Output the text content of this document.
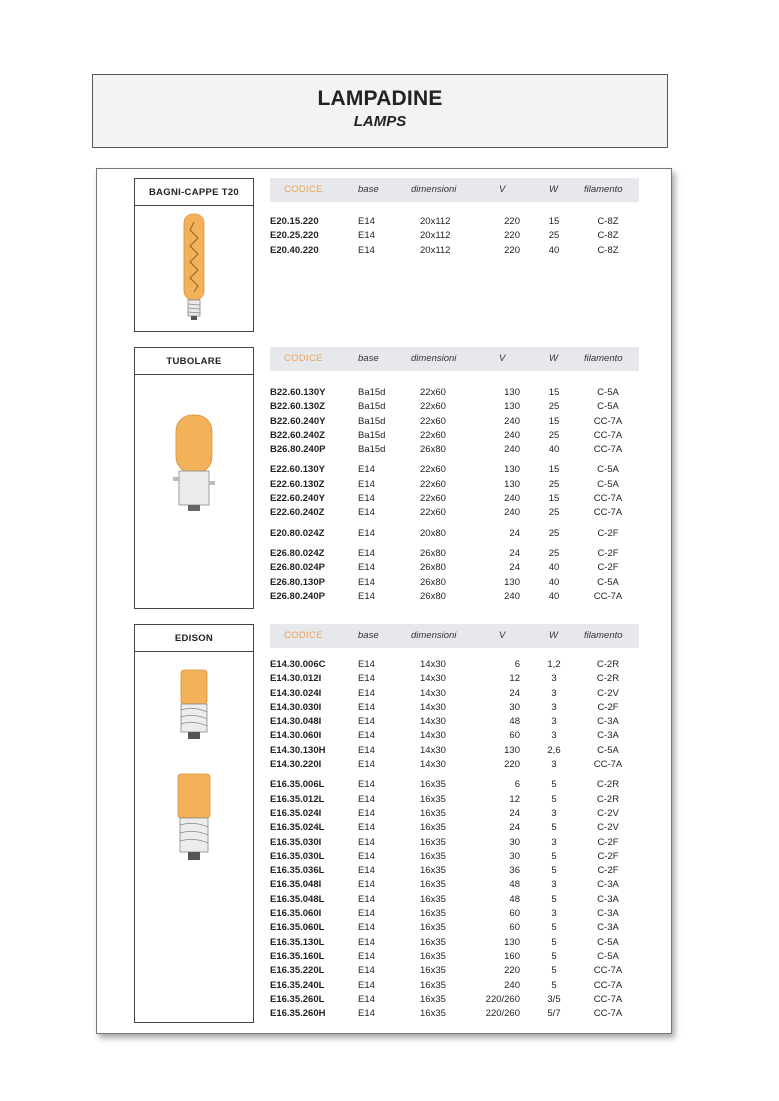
LAMPADINE
LAMPS
BAGNI-CAPPE T20	CODICE	base	dimensioni	V	W	filamento
E20.15.220	E14	20x112	220	15	C-8Z
E20.25.220	E14	20x112	220	25	C-8Z
E20.40.220	E14	20x112	220	40	C-8Z
TUBOLARE	CODICE	base	dimensioni	V	W	filamento
B22.60.130Y	Ba15d	22x60	130	15	C-5A
B22.60.130Z	Ba15d	22x60	130	25	C-5A
B22.60.240Y	Ba15d	22x60	240	15	CC-7A
B22.60.240Z	Ba15d	22x60	240	25	CC-7A
B26.80.240P	Ba15d	26x80	240	40	CC-7A
E22.60.130Y	E14	22x60	130	15	C-5A
E22.60.130Z	E14	22x60	130	25	C-5A
E22.60.240Y	E14	22x60	240	15	CC-7A
E22.60.240Z	E14	22x60	240	25	CC-7A
E20.80.024Z	E14	20x80	24	25	C-2F
E26.80.024Z	E14	26x80	24	25	C-2F
E26.80.024P	E14	26x80	24	40	C-2F
E26.80.130P	E14	26x80	130	40	C-5A
E26.80.240P	E14	26x80	240	40	CC-7A
EDISON	CODICE	base	dimensioni	V	W	filamento
E14.30.006C	E14	14x30	6	1,2	C-2R
E14.30.012I	E14	14x30	12	3	C-2R
E14.30.024I	E14	14x30	24	3	C-2V
E14.30.030I	E14	14x30	30	3	C-2F
E14.30.048I	E14	14x30	48	3	C-3A
E14.30.060I	E14	14x30	60	3	C-3A
E14.30.130H	E14	14x30	130	2,6	C-5A
E14.30.220I	E14	14x30	220	3	CC-7A
E16.35.006L	E14	16x35	6	5	C-2R
E16.35.012L	E14	16x35	12	5	C-2R
E16.35.024I	E14	16x35	24	3	C-2V
E16.35.024L	E14	16x35	24	5	C-2V
E16.35.030I	E14	16x35	30	3	C-2F
E16.35.030L	E14	16x35	30	5	C-2F
E16.35.036L	E14	16x35	36	5	C-2F
E16.35.048I	E14	16x35	48	3	C-3A
E16.35.048L	E14	16x35	48	5	C-3A
E16.35.060I	E14	16x35	60	3	C-3A
E16.35.060L	E14	16x35	60	5	C-3A
E16.35.130L	E14	16x35	130	5	C-5A
E16.35.160L	E14	16x35	160	5	C-5A
E16.35.220L	E14	16x35	220	5	CC-7A
E16.35.240L	E14	16x35	240	5	CC-7A
E16.35.260L	E14	16x35	220/260	3/5	CC-7A
E16.35.260H	E14	16x35	220/260	5/7	CC-7A
